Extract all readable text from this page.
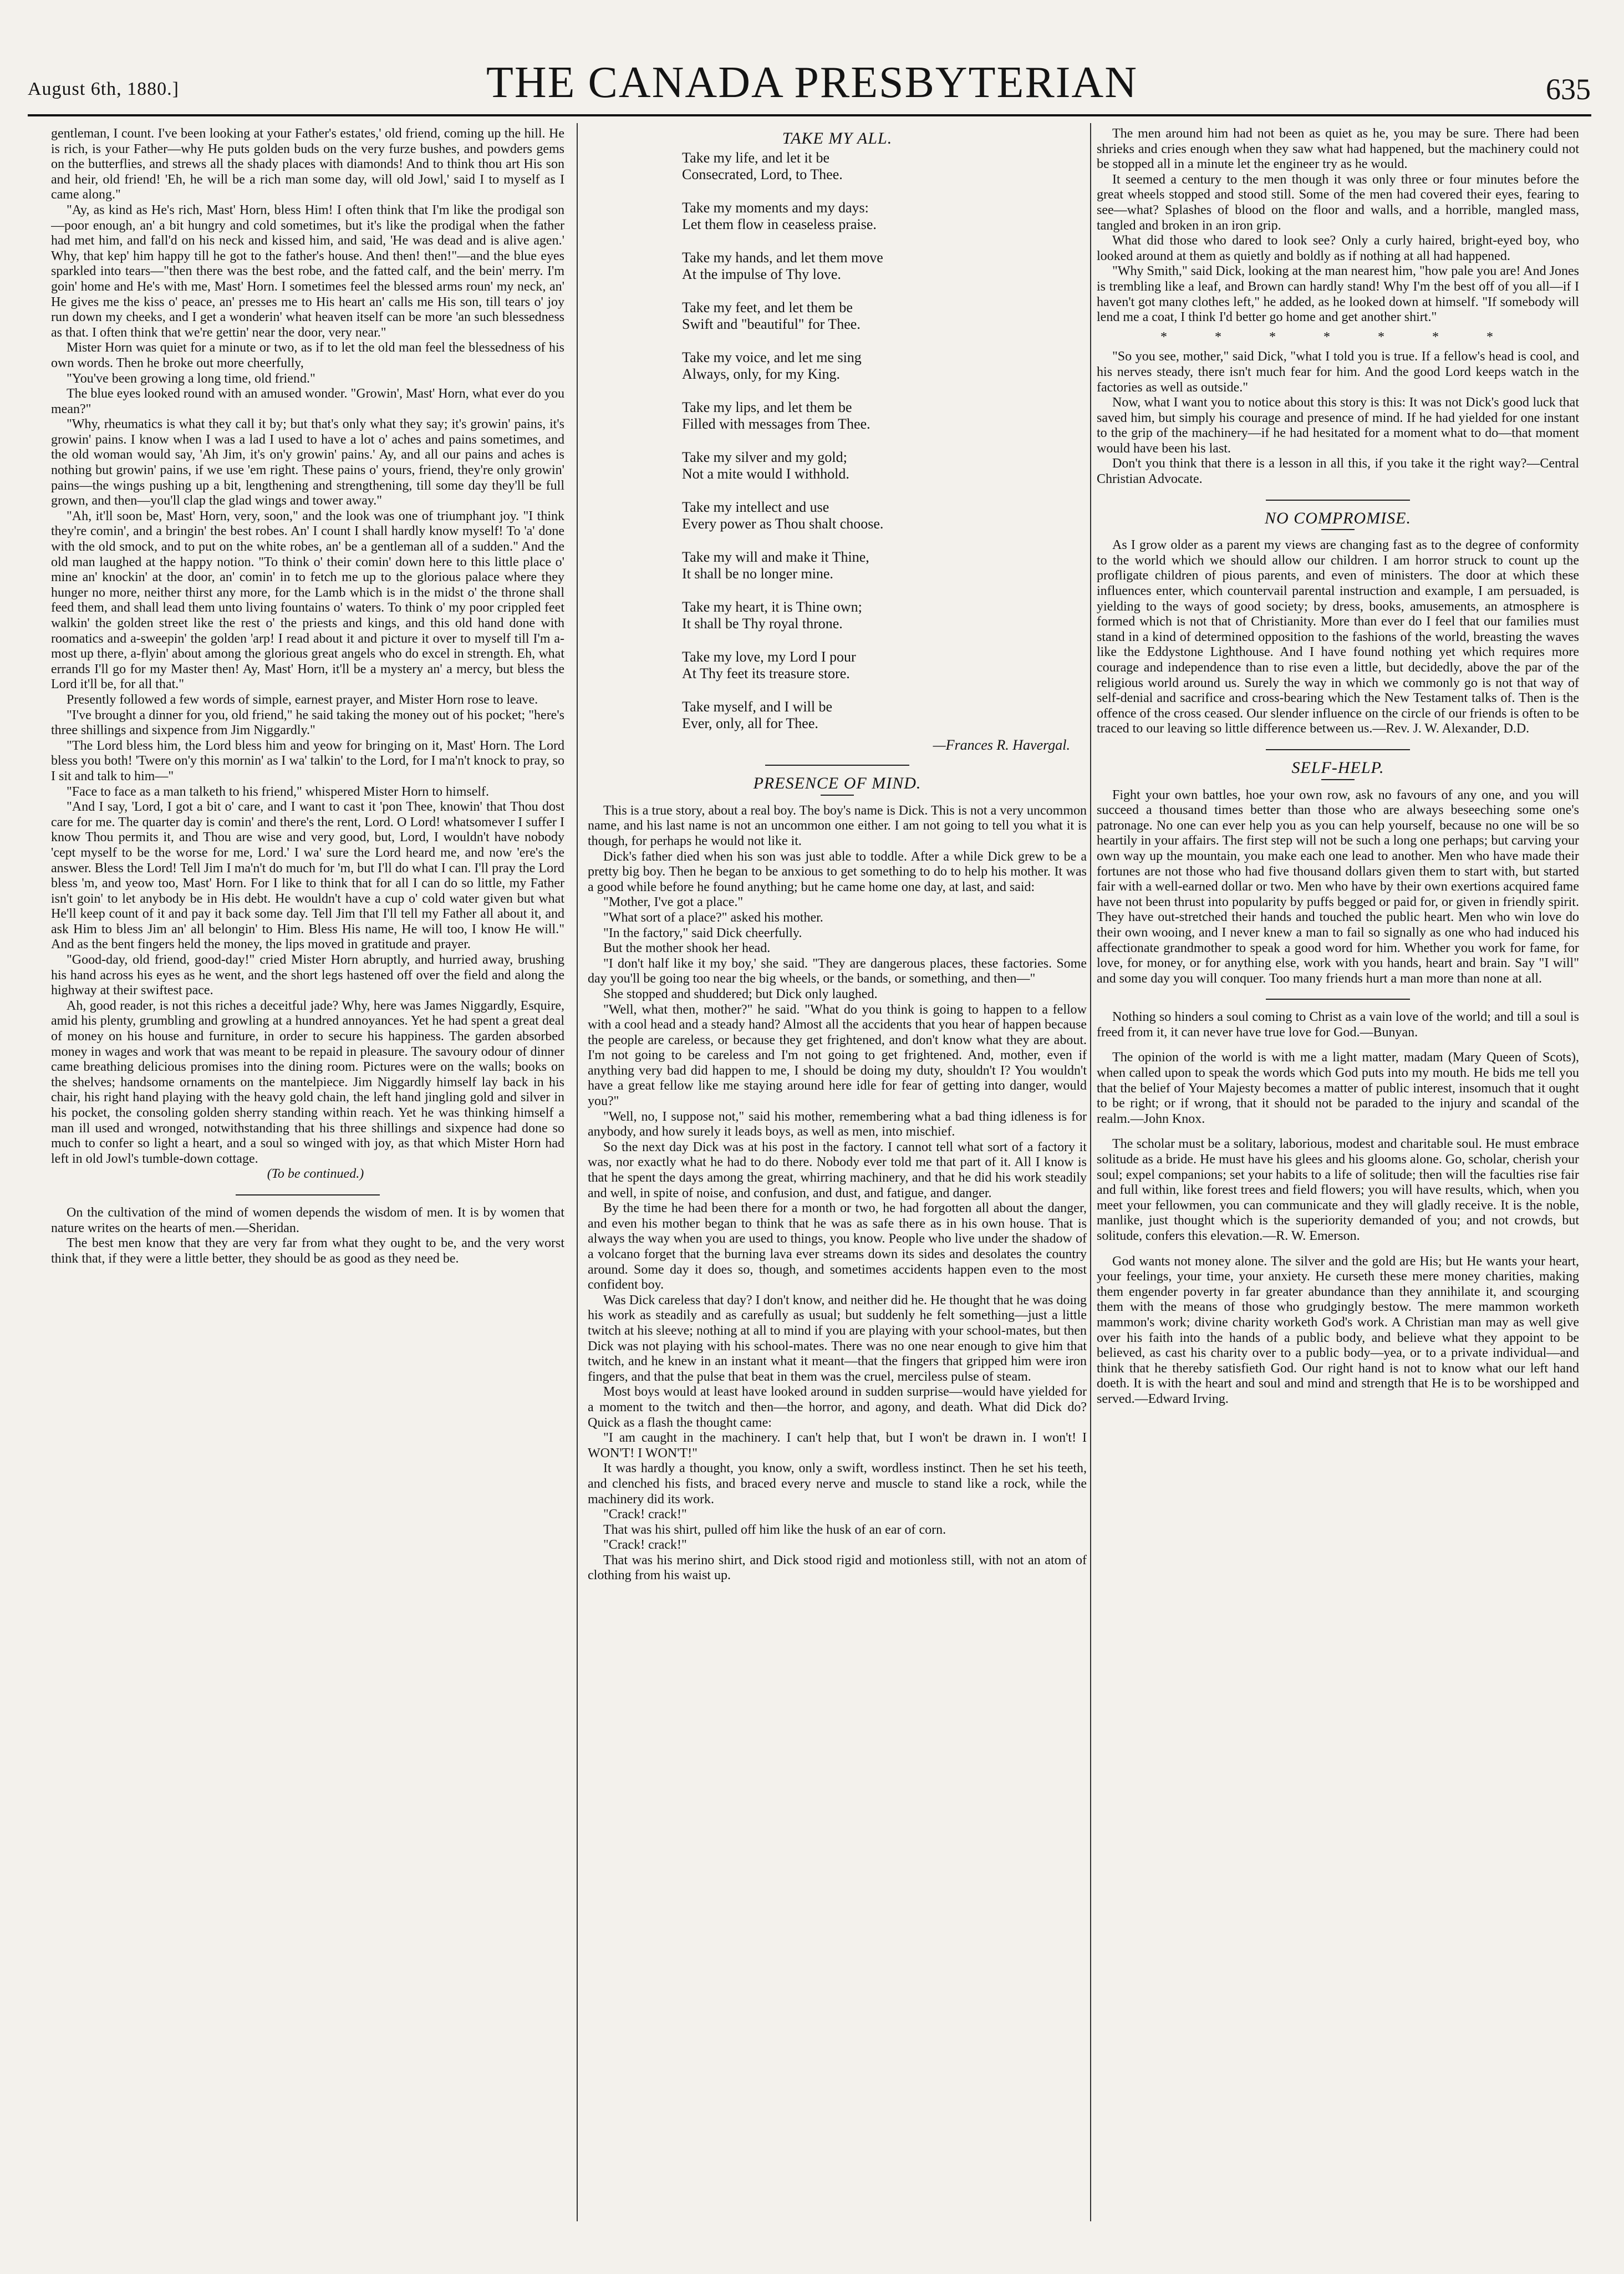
August 6th, 1880.]	THE CANADA PRESBYTERIAN	635

gentleman, I count. I've been looking at your Father's estates,' old friend, coming up the hill. He is rich, is your Father—why He puts golden buds on the very furze bushes, and powders gems on the butterflies, and strews all the shady places with diamonds! And to think thou art His son and heir, old friend! 'Eh, he will be a rich man some day, will old Jowl,' said I to myself as I came along."

"Ay, as kind as He's rich, Mast' Horn, bless Him! I often think that I'm like the prodigal son—poor enough, an' a bit hungry and cold sometimes, but it's like the prodigal when the father had met him, and fall'd on his neck and kissed him, and said, 'He was dead and is alive agen.' Why, that kep' him happy till he got to the father's house. And then! then!"—and the blue eyes sparkled into tears—"then there was the best robe, and the fatted calf, and the bein' merry. I'm goin' home and He's with me, Mast' Horn. I sometimes feel the blessed arms roun' my neck, an' He gives me the kiss o' peace, an' presses me to His heart an' calls me His son, till tears o' joy run down my cheeks, and I get a wonderin' what heaven itself can be more 'an such blessedness as that. I often think that we're gettin' near the door, very near."

Mister Horn was quiet for a minute or two, as if to let the old man feel the blessedness of his own words. Then he broke out more cheerfully,

"You've been growing a long time, old friend."

The blue eyes looked round with an amused wonder. "Growin', Mast' Horn, what ever do you mean?"

"Why, rheumatics is what they call it by; but that's only what they say; it's growin' pains, it's growin' pains. I know when I was a lad I used to have a lot o' aches and pains sometimes, and the old woman would say, 'Ah Jim, it's on'y growin' pains.' Ay, and all our pains and aches is nothing but growin' pains, if we use 'em right. These pains o' yours, friend, they're only growin' pains—the wings pushing up a bit, lengthening and strengthening, till some day they'll be full grown, and then—you'll clap the glad wings and tower away."

"Ah, it'll soon be, Mast' Horn, very, soon," and the look was one of triumphant joy. "I think they're comin', and a bringin' the best robes. An' I count I shall hardly know myself! To 'a' done with the old smock, and to put on the white robes, an' be a gentleman all of a sudden." And the old man laughed at the happy notion. "To think o' their comin' down here to this little place o' mine an' knockin' at the door, an' comin' in to fetch me up to the glorious palace where they hunger no more, neither thirst any more, for the Lamb which is in the midst o' the throne shall feed them, and shall lead them unto living fountains o' waters. To think o' my poor crippled feet walkin' the golden street like the rest o' the priests and kings, and this old hand done with roomatics and a-sweepin' the golden 'arp! I read about it and picture it over to myself till I'm a-most up there, a-flyin' about among the glorious great angels who do excel in strength. Eh, what errands I'll go for my Master then! Ay, Mast' Horn, it'll be a mystery an' a mercy, but bless the Lord it'll be, for all that."

Presently followed a few words of simple, earnest prayer, and Mister Horn rose to leave.

"I've brought a dinner for you, old friend," he said taking the money out of his pocket; "here's three shillings and sixpence from Jim Niggardly."

"The Lord bless him, the Lord bless him and yeow for bringing on it, Mast' Horn. The Lord bless you both! 'Twere on'y this mornin' as I wa' talkin' to the Lord, for I ma'n't knock to pray, so I sit and talk to him—"

"Face to face as a man talketh to his friend," whispered Mister Horn to himself.

"And I say, 'Lord, I got a bit o' care, and I want to cast it 'pon Thee, knowin' that Thou dost care for me. The quarter day is comin' and there's the rent, Lord. O Lord! whatsomever I suffer I know Thou permits it, and Thou are wise and very good, but, Lord, I wouldn't have nobody 'cept myself to be the worse for me, Lord.' I wa' sure the Lord heard me, and now 'ere's the answer. Bless the Lord! Tell Jim I ma'n't do much for 'm, but I'll do what I can. I'll pray the Lord bless 'm, and yeow too, Mast' Horn. For I like to think that for all I can do so little, my Father isn't goin' to let anybody be in His debt. He wouldn't have a cup o' cold water given but what He'll keep count of it and pay it back some day. Tell Jim that I'll tell my Father all about it, and ask Him to bless Jim an' all belongin' to Him. Bless His name, He will too, I know He will." And as the bent fingers held the money, the lips moved in gratitude and prayer.

"Good-day, old friend, good-day!" cried Mister Horn abruptly, and hurried away, brushing his hand across his eyes as he went, and the short legs hastened off over the field and along the highway at their swiftest pace.

Ah, good reader, is not this riches a deceitful jade? Why, here was James Niggardly, Esquire, amid his plenty, grumbling and growling at a hundred annoyances. Yet he had spent a great deal of money on his house and furniture, in order to secure his happiness. The garden absorbed money in wages and work that was meant to be repaid in pleasure. The savoury odour of dinner came breathing delicious promises into the dining room. Pictures were on the walls; books on the shelves; handsome ornaments on the mantelpiece. Jim Niggardly himself lay back in his chair, his right hand playing with the heavy gold chain, the left hand jingling gold and silver in his pocket, the consoling golden sherry standing within reach. Yet he was thinking himself a man ill used and wronged, notwithstanding that his three shillings and sixpence had done so much to confer so light a heart, and a soul so winged with joy, as that which Mister Horn had left in old Jowl's tumble-down cottage.

(To be continued.)

On the cultivation of the mind of women depends the wisdom of men. It is by women that nature writes on the hearts of men.—Sheridan.

The best men know that they are very far from what they ought to be, and the very worst think that, if they were a little better, they should be as good as they need be.

TAKE MY ALL.
Take my life, and let it be
Consecrated, Lord, to Thee.
Take my moments and my days:
Let them flow in ceaseless praise.
Take my hands, and let them move
At the impulse of Thy love.
Take my feet, and let them be
Swift and "beautiful" for Thee.
Take my voice, and let me sing
Always, only, for my King.
Take my lips, and let them be
Filled with messages from Thee.
Take my silver and my gold;
Not a mite would I withhold.
Take my intellect and use
Every power as Thou shalt choose.
Take my will and make it Thine,
It shall be no longer mine.
Take my heart, it is Thine own;
It shall be Thy royal throne.
Take my love, my Lord I pour
At Thy feet its treasure store.
Take myself, and I will be
Ever, only, all for Thee.
—Frances R. Havergal.
PRESENCE OF MIND.

This is a true story, about a real boy. The boy's name is Dick. This is not a very uncommon name, and his last name is not an uncommon one either. I am not going to tell you what it is though, for perhaps he would not like it.

Dick's father died when his son was just able to toddle. After a while Dick grew to be a pretty big boy. Then he began to be anxious to get something to do to help his mother. It was a good while before he found anything; but he came home one day, at last, and said:

"Mother, I've got a place."

"What sort of a place?" asked his mother.

"In the factory," said Dick cheerfully.

But the mother shook her head.

"I don't half like it my boy,' she said. "They are dangerous places, these factories. Some day you'll be going too near the big wheels, or the bands, or something, and then—"

She stopped and shuddered; but Dick only laughed.

"Well, what then, mother?" he said. "What do you think is going to happen to a fellow with a cool head and a steady hand? Almost all the accidents that you hear of happen because the people are careless, or because they get frightened, and don't know what they are about. I'm not going to be careless and I'm not going to get frightened. And, mother, even if anything very bad did happen to me, I should be doing my duty, shouldn't I? You wouldn't have a great fellow like me staying around here idle for fear of getting into danger, would you?"

"Well, no, I suppose not," said his mother, remembering what a bad thing idleness is for anybody, and how surely it leads boys, as well as men, into mischief.

So the next day Dick was at his post in the factory. I cannot tell what sort of a factory it was, nor exactly what he had to do there. Nobody ever told me that part of it. All I know is that he spent the days among the great, whirring machinery, and that he did his work steadily and well, in spite of noise, and confusion, and dust, and fatigue, and danger.

By the time he had been there for a month or two, he had forgotten all about the danger, and even his mother began to think that he was as safe there as in his own house. That is always the way when you are used to things, you know. People who live under the shadow of a volcano forget that the burning lava ever streams down its sides and desolates the country around. Some day it does so, though, and sometimes accidents happen even to the most confident boy.

Was Dick careless that day? I don't know, and neither did he. He thought that he was doing his work as steadily and as carefully as usual; but suddenly he felt something—just a little twitch at his sleeve; nothing at all to mind if you are playing with your school-mates, but then Dick was not playing with his school-mates. There was no one near enough to give him that twitch, and he knew in an instant what it meant—that the fingers that gripped him were iron fingers, and that the pulse that beat in them was the cruel, merciless pulse of steam.

Most boys would at least have looked around in sudden surprise—would have yielded for a moment to the twitch and then—the horror, and agony, and death. What did Dick do? Quick as a flash the thought came:

"I am caught in the machinery. I can't help that, but I won't be drawn in. I won't! I WON'T! I WON'T!"

It was hardly a thought, you know, only a swift, wordless instinct. Then he set his teeth, and clenched his fists, and braced every nerve and muscle to stand like a rock, while the machinery did its work.

"Crack! crack!"

That was his shirt, pulled off him like the husk of an ear of corn.

"Crack! crack!"

That was his merino shirt, and Dick stood rigid and motionless still, with not an atom of clothing from his waist up.

The men around him had not been as quiet as he, you may be sure. There had been shrieks and cries enough when they saw what had happened, but the machinery could not be stopped all in a minute let the engineer try as he would.

It seemed a century to the men though it was only three or four minutes before the great wheels stopped and stood still. Some of the men had covered their eyes, fearing to see—what? Splashes of blood on the floor and walls, and a horrible, mangled mass, tangled and broken in an iron grip.

What did those who dared to look see? Only a curly haired, bright-eyed boy, who looked around at them as quietly and boldly as if nothing at all had happened.

"Why Smith," said Dick, looking at the man nearest him, "how pale you are! And Jones is trembling like a leaf, and Brown can hardly stand! Why I'm the best off of you all—if I haven't got many clothes left," he added, as he looked down at himself. "If somebody will lend me a coat, I think I'd better go home and get another shirt."

* * * * * * *

"So you see, mother," said Dick, "what I told you is true. If a fellow's head is cool, and his nerves steady, there isn't much fear for him. And the good Lord keeps watch in the factories as well as outside."

Now, what I want you to notice about this story is this: It was not Dick's good luck that saved him, but simply his courage and presence of mind. If he had yielded for one instant to the grip of the machinery—if he had hesitated for a moment what to do—that moment would have been his last.

Don't you think that there is a lesson in all this, if you take it the right way?—Central Christian Advocate.

NO COMPROMISE.

As I grow older as a parent my views are changing fast as to the degree of conformity to the world which we should allow our children. I am horror struck to count up the profligate children of pious parents, and even of ministers. The door at which these influences enter, which countervail parental instruction and example, I am persuaded, is yielding to the ways of good society; by dress, books, amusements, an atmosphere is formed which is not that of Christianity. More than ever do I feel that our families must stand in a kind of determined opposition to the fashions of the world, breasting the waves like the Eddystone Lighthouse. And I have found nothing yet which requires more courage and independence than to rise even a little, but decidedly, above the par of the religious world around us. Surely the way in which we commonly go is not that way of self-denial and sacrifice and cross-bearing which the New Testament talks of. Then is the offence of the cross ceased. Our slender influence on the circle of our friends is often to be traced to our leaving so little difference between us.—Rev. J. W. Alexander, D.D.

SELF-HELP.

Fight your own battles, hoe your own row, ask no favours of any one, and you will succeed a thousand times better than those who are always beseeching some one's patronage. No one can ever help you as you can help yourself, because no one will be so heartily in your affairs. The first step will not be such a long one perhaps; but carving your own way up the mountain, you make each one lead to another. Men who have made their fortunes are not those who had five thousand dollars given them to start with, but started fair with a well-earned dollar or two. Men who have by their own exertions acquired fame have not been thrust into popularity by puffs begged or paid for, or given in friendly spirit. They have out-stretched their hands and touched the public heart. Men who win love do their own wooing, and I never knew a man to fail so signally as one who had induced his affectionate grandmother to speak a good word for him. Whether you work for fame, for love, for money, or for anything else, work with you hands, heart and brain. Say "I will" and some day you will conquer. Too many friends hurt a man more than none at all.

Nothing so hinders a soul coming to Christ as a vain love of the world; and till a soul is freed from it, it can never have true love for God.—Bunyan.

The opinion of the world is with me a light matter, madam (Mary Queen of Scots), when called upon to speak the words which God puts into my mouth. He bids me tell you that the belief of Your Majesty becomes a matter of public interest, insomuch that it ought to be right; or if wrong, that it should not be paraded to the injury and scandal of the realm.—John Knox.

The scholar must be a solitary, laborious, modest and charitable soul. He must embrace solitude as a bride. He must have his glees and his glooms alone. Go, scholar, cherish your soul; expel companions; set your habits to a life of solitude; then will the faculties rise fair and full within, like forest trees and field flowers; you will have results, which, when you meet your fellowmen, you can communicate and they will gladly receive. It is the noble, manlike, just thought which is the superiority demanded of you; and not crowds, but solitude, confers this elevation.—R. W. Emerson.

God wants not money alone. The silver and the gold are His; but He wants your heart, your feelings, your time, your anxiety. He curseth these mere money charities, making them engender poverty in far greater abundance than they annihilate it, and scourging them with the means of those who grudgingly bestow. The mere mammon worketh mammon's work; divine charity worketh God's work. A Christian man may as well give over his faith into the hands of a public body, and believe what they appoint to be believed, as cast his charity over to a public body—yea, or to a private individual—and think that he thereby satisfieth God. Our right hand is not to know what our left hand doeth. It is with the heart and soul and mind and strength that He is to be worshipped and served.—Edward Irving.
